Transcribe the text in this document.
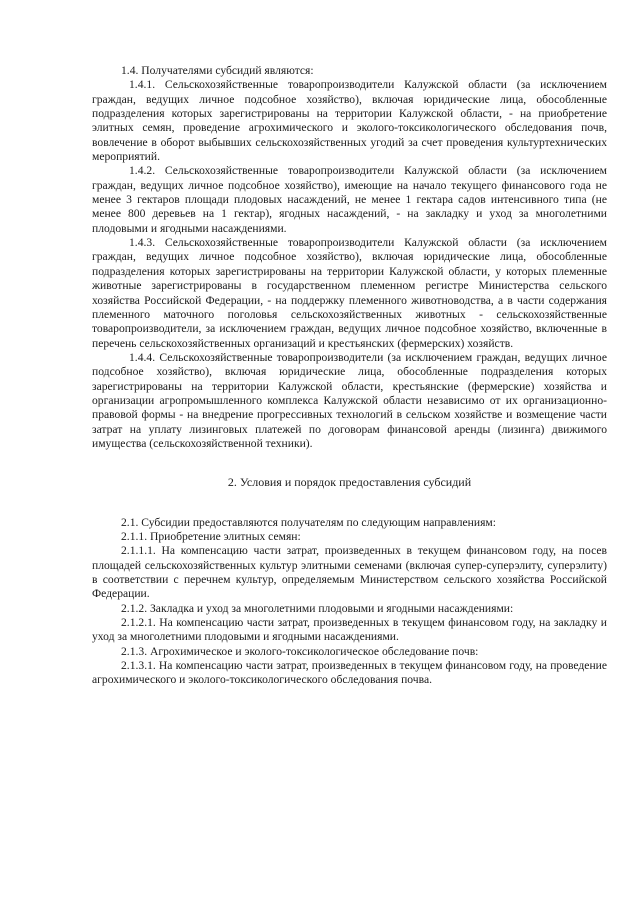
1.4. Получателями субсидий являются:

1.4.1. Сельскохозяйственные товаропроизводители Калужской области (за исключением граждан, ведущих личное подсобное хозяйство), включая юридические лица, обособленные подразделения которых зарегистрированы на территории Калужской области, - на приобретение элитных семян, проведение агрохимического и эколого-токсикологического обследования почв, вовлечение в оборот выбывших сельскохозяйственных угодий за счет проведения культуртехнических мероприятий.

1.4.2. Сельскохозяйственные товаропроизводители Калужской области (за исключением граждан, ведущих личное подсобное хозяйство), имеющие на начало текущего финансового года не менее 3 гектаров площади плодовых насаждений, не менее 1 гектара садов интенсивного типа (не менее 800 деревьев на 1 гектар), ягодных насаждений, - на закладку и уход за многолетними плодовыми и ягодными насаждениями.

1.4.3. Сельскохозяйственные товаропроизводители Калужской области (за исключением граждан, ведущих личное подсобное хозяйство), включая юридические лица, обособленные подразделения которых зарегистрированы на территории Калужской области, у которых племенные животные зарегистрированы в государственном племенном регистре Министерства сельского хозяйства Российской Федерации, - на поддержку племенного животноводства, а в части содержания племенного маточного поголовья сельскохозяйственных животных - сельскохозяйственные товаропроизводители, за исключением граждан, ведущих личное подсобное хозяйство, включенные в перечень сельскохозяйственных организаций и крестьянских (фермерских) хозяйств.

1.4.4. Сельскохозяйственные товаропроизводители (за исключением граждан, ведущих личное подсобное хозяйство), включая юридические лица, обособленные подразделения которых зарегистрированы на территории Калужской области, крестьянские (фермерские) хозяйства и организации агропромышленного комплекса Калужской области независимо от их организационно-правовой формы - на внедрение прогрессивных технологий в сельском хозяйстве и возмещение части затрат на уплату лизинговых платежей по договорам финансовой аренды (лизинга) движимого имущества (сельскохозяйственной техники).

2. Условия и порядок предоставления субсидий

2.1. Субсидии предоставляются получателям по следующим направлениям:

2.1.1. Приобретение элитных семян:

2.1.1.1. На компенсацию части затрат, произведенных в текущем финансовом году, на посев площадей сельскохозяйственных культур элитными семенами (включая супер-суперэлиту, суперэлиту) в соответствии с перечнем культур, определяемым Министерством сельского хозяйства Российской Федерации.

2.1.2. Закладка и уход за многолетними плодовыми и ягодными насаждениями:

2.1.2.1. На компенсацию части затрат, произведенных в текущем финансовом году, на закладку и уход за многолетними плодовыми и ягодными насаждениями.

2.1.3. Агрохимическое и эколого-токсикологическое обследование почв:

2.1.3.1. На компенсацию части затрат, произведенных в текущем финансовом году, на проведение агрохимического и эколого-токсикологического обследования почва.
